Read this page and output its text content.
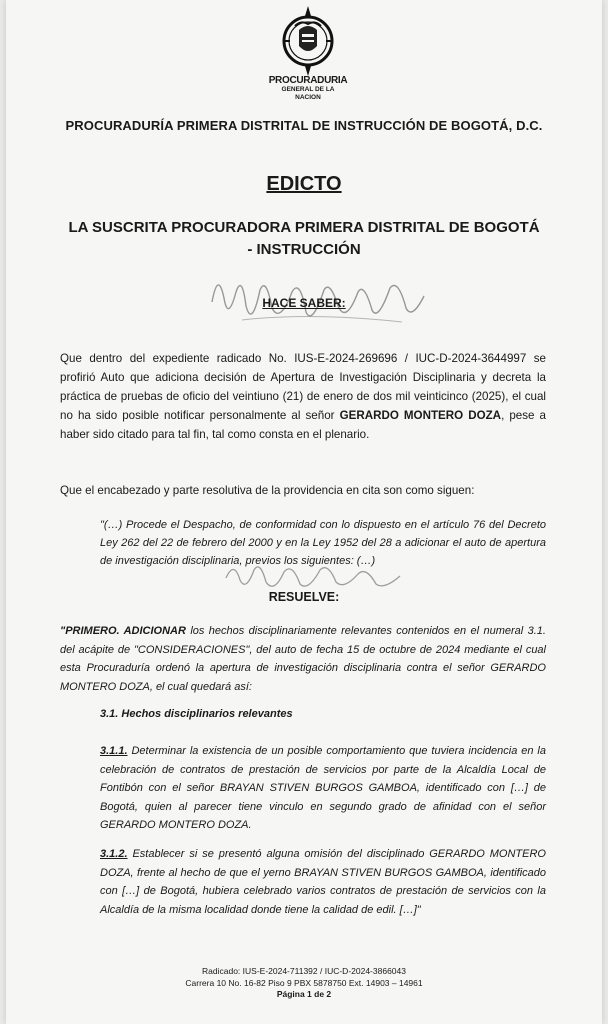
PROCURADURIA
GENERAL DE LA NACION
PROCURADURÍA PRIMERA DISTRITAL DE INSTRUCCIÓN DE BOGOTÁ, D.C.
EDICTO
LA SUSCRITA PROCURADORA PRIMERA DISTRITAL DE BOGOTÁ - INSTRUCCIÓN
HACE SABER:
Que dentro del expediente radicado No. IUS-E-2024-269696 / IUC-D-2024-3644997 se profirió Auto que adiciona decisión de Apertura de Investigación Disciplinaria y decreta la práctica de pruebas de oficio del veintiuno (21) de enero de dos mil veinticinco (2025), el cual no ha sido posible notificar personalmente al señor GERARDO MONTERO DOZA, pese a haber sido citado para tal fin, tal como consta en el plenario.
Que el encabezado y parte resolutiva de la providencia en cita son como siguen:
"(…) Procede el Despacho, de conformidad con lo dispuesto en el artículo 76 del Decreto Ley 262 del 22 de febrero del 2000 y en la Ley 1952 del 28 a adicionar el auto de apertura de investigación disciplinaria, previos los siguientes: (…)
RESUELVE:
"PRIMERO. ADICIONAR los hechos disciplinariamente relevantes contenidos en el numeral 3.1. del acápite de "CONSIDERACIONES", del auto de fecha 15 de octubre de 2024 mediante el cual esta Procuraduría ordenó la apertura de investigación disciplinaria contra el señor GERARDO MONTERO DOZA, el cual quedará así:
3.1. Hechos disciplinarios relevantes
3.1.1. Determinar la existencia de un posible comportamiento que tuviera incidencia en la celebración de contratos de prestación de servicios por parte de la Alcaldía Local de Fontibón con el señor BRAYAN STIVEN BURGOS GAMBOA, identificado con […] de Bogotá, quien al parecer tiene vinculo en segundo grado de afinidad con el señor GERARDO MONTERO DOZA.
3.1.2. Establecer si se presentó alguna omisión del disciplinado GERARDO MONTERO DOZA, frente al hecho de que el yerno BRAYAN STIVEN BURGOS GAMBOA, identificado con […] de Bogotá, hubiera celebrado varios contratos de prestación de servicios con la Alcaldía de la misma localidad donde tiene la calidad de edil. […]"
Radicado: IUS-E-2024-711392 / IUC-D-2024-3866043
Carrera 10 No. 16-82 Piso 9 PBX 5878750 Ext. 14903 – 14961
Página 1 de 2
